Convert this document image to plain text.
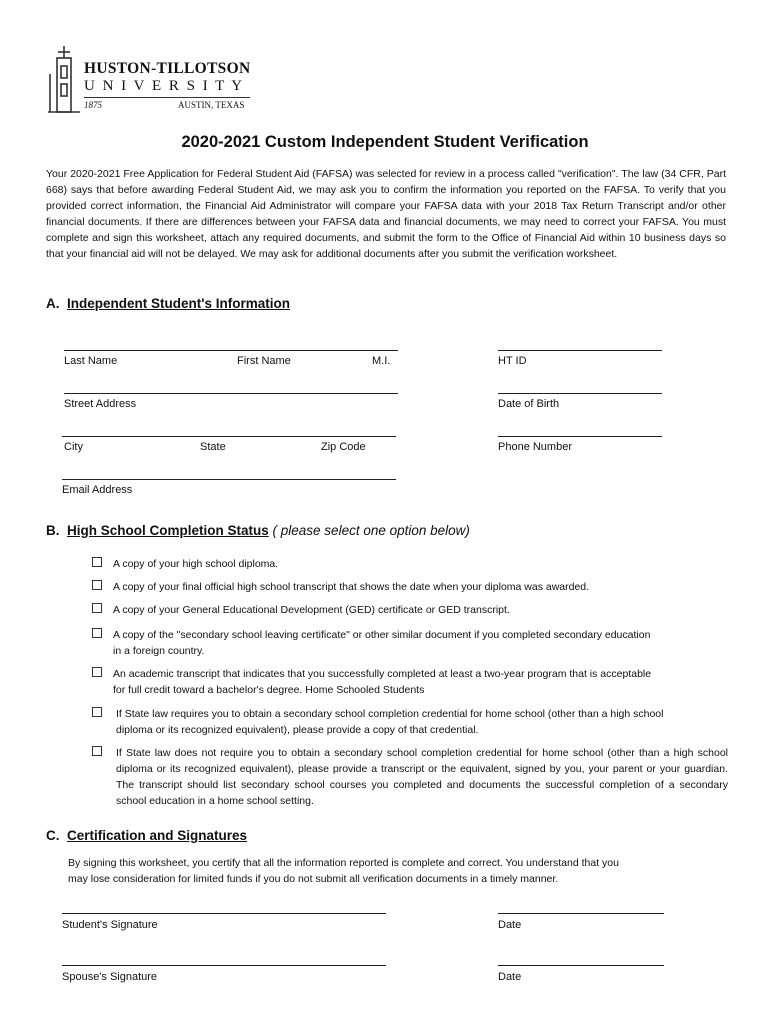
HUSTON-TILLOTSON
U N I V E R S I T Y
1875	AUSTIN, TEXAS
2020-2021 Custom Independent Student Verification
Your 2020-2021 Free Application for Federal Student Aid (FAFSA) was selected for review in a process called "verification". The law (34 CFR, Part 668) says that before awarding Federal Student Aid, we may ask you to confirm the information you reported on the FAFSA. To verify that you provided correct information, the Financial Aid Administrator will compare your FAFSA data with your 2018 Tax Return Transcript and/or other financial documents. If there are differences between your FAFSA data and financial documents, we may need to correct your FAFSA. You must complete and sign this worksheet, attach any required documents, and submit the form to the Office of Financial Aid within 10 business days so that your financial aid will not be delayed. We may ask for additional documents after you submit the verification worksheet.
A. Independent Student's Information
Last Name	First Name	M.I.	HT ID
Street Address	Date of Birth
City	State	Zip Code	Phone Number
Email Address
B. High School Completion Status ( please select one option below)
A copy of your high school diploma.
A copy of your final official high school transcript that shows the date when your diploma was awarded.
A copy of your General Educational Development (GED) certificate or GED transcript.
A copy of the "secondary school leaving certificate" or other similar document if you completed secondary education in a foreign country.
An academic transcript that indicates that you successfully completed at least a two-year program that is acceptable for full credit toward a bachelor's degree. Home Schooled Students
If State law requires you to obtain a secondary school completion credential for home school (other than a high school diploma or its recognized equivalent), please provide a copy of that credential.
If State law does not require you to obtain a secondary school completion credential for home school (other than a high school diploma or its recognized equivalent), please provide a transcript or the equivalent, signed by you, your parent or your guardian. The transcript should list secondary school courses you completed and documents the successful completion of a secondary school education in a home school setting.
C. Certification and Signatures
By signing this worksheet, you certify that all the information reported is complete and correct. You understand that you may lose consideration for limited funds if you do not submit all verification documents in a timely manner.
Student's Signature	Date
Spouse's Signature	Date
